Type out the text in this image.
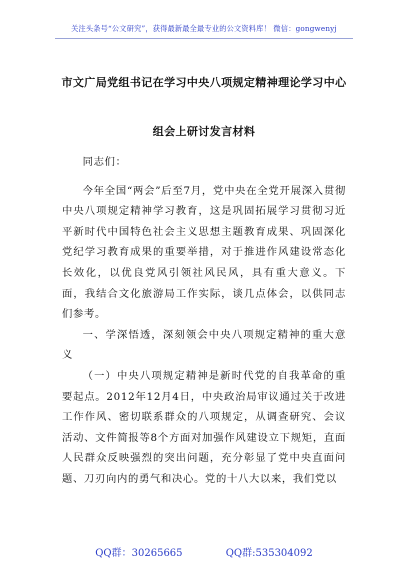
关注头条号“公文研究”，获得最新最全最专业的公文资料库！ 微信：gongwenyj
市文广局党组书记在学习中央八项规定精神理论学习中心
组会上研讨发言材料

同志们：

今年全国“两会”后至7月，党中央在全党开展深入贯彻中央八项规定精神学习教育，这是巩固拓展学习贯彻习近平新时代中国特色社会主义思想主题教育成果、巩固深化党纪学习教育成果的重要举措，对于推进作风建设常态化长效化，以优良党风引领社风民风，具有重大意义。下面，我结合文化旅游局工作实际，谈几点体会，以供同志们参考。

一、学深悟透，深刻领会中央八项规定精神的重大意义

（一）中央八项规定精神是新时代党的自我革命的重要起点。2012年12月4日，中央政治局审议通过关于改进工作作风、密切联系群众的八项规定，从调查研究、会议活动、文件简报等8个方面对加强作风建设立下规矩，直面人民群众反映强烈的突出问题，充分彰显了党中央直面问题、刀刃向内的勇气和决心。党的十八大以来，我们党以

QQ群：30265665	QQ群:535304092
